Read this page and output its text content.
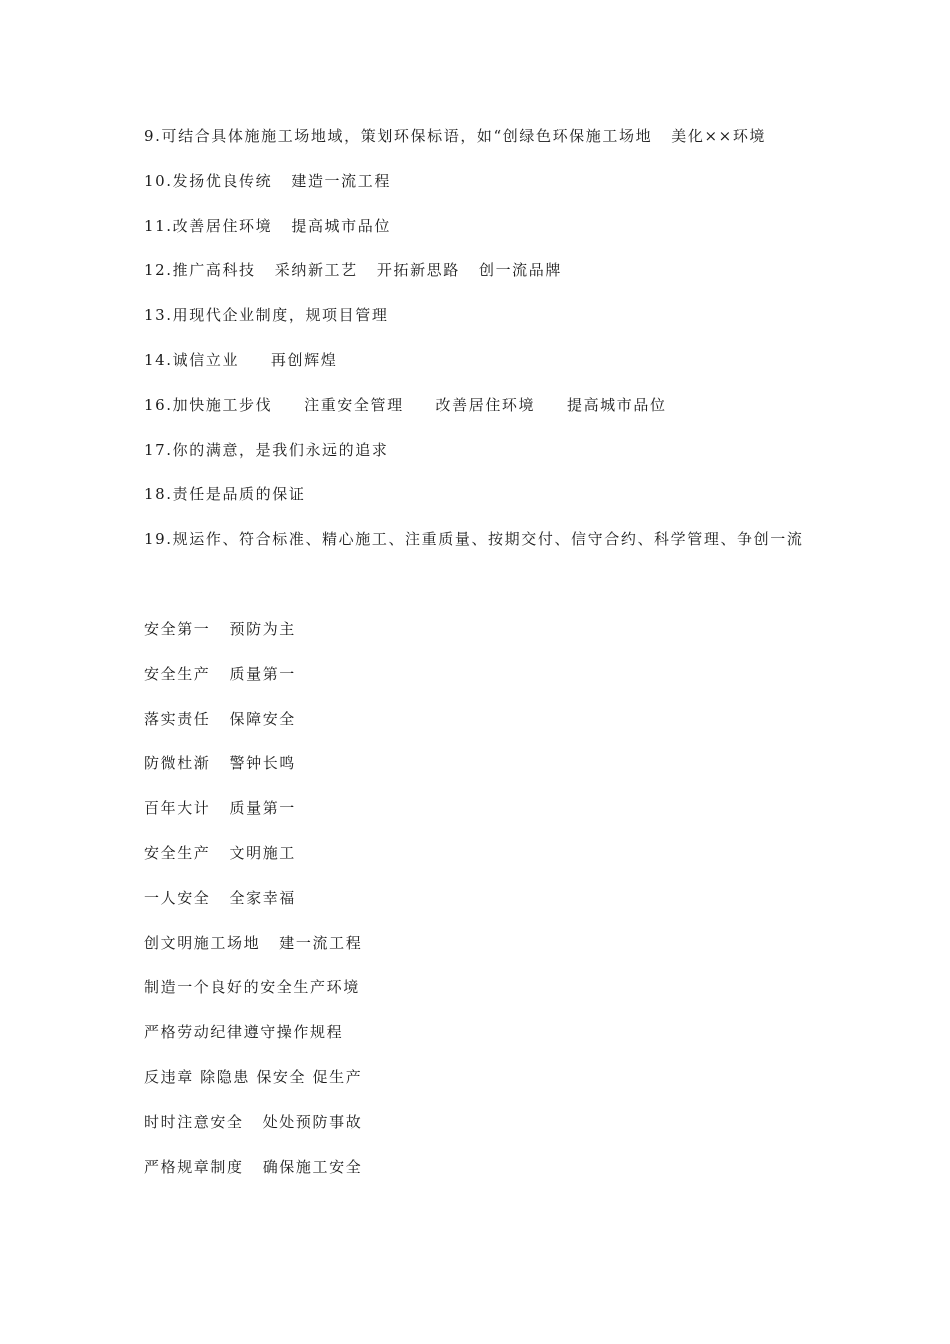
9.可结合具体施施工场地域，策划环保标语，如“创绿色环保施工场地   美化××环境
10.发扬优良传统   建造一流工程
11.改善居住环境   提高城市品位
12.推广高科技   采纳新工艺   开拓新思路   创一流品牌
13.用现代企业制度，规项目管理
14.诚信立业     再创辉煌
16.加快施工步伐     注重安全管理     改善居住环境     提高城市品位
17.你的满意，是我们永远的追求
18.责任是品质的保证
19.规运作、符合标准、精心施工、注重质量、按期交付、信守合约、科学管理、争创一流
安全第一   预防为主
安全生产   质量第一
落实责任   保障安全
防微杜渐   警钟长鸣
百年大计   质量第一
安全生产   文明施工
一人安全   全家幸福
创文明施工场地   建一流工程
制造一个良好的安全生产环境
严格劳动纪律遵守操作规程
反违章 除隐患 保安全 促生产
时时注意安全   处处预防事故
严格规章制度   确保施工安全
